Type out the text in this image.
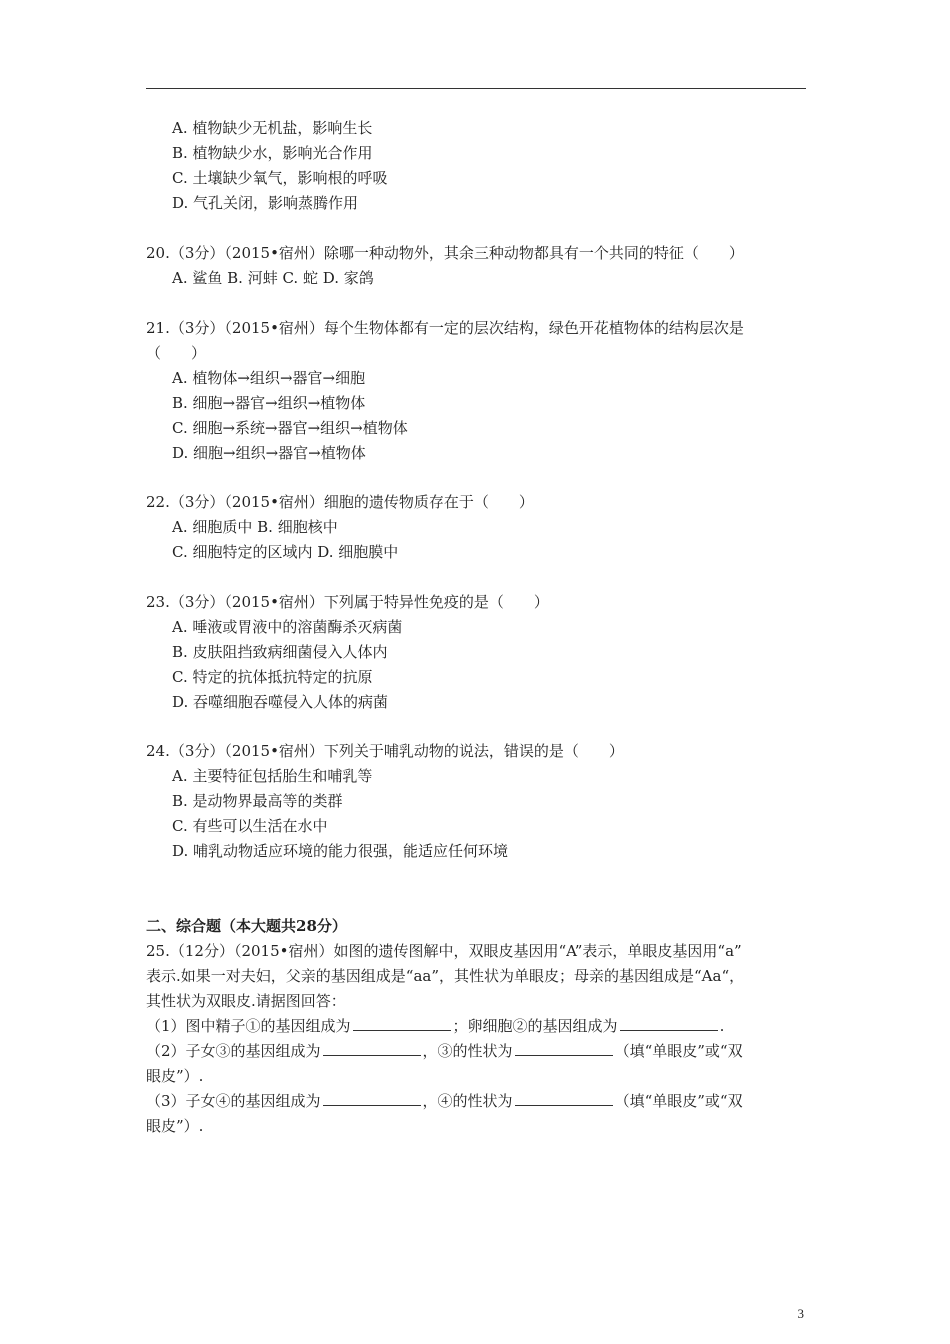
A. 植物缺少无机盐，影响生长
B. 植物缺少水，影响光合作用
C. 土壤缺少氧气，影响根的呼吸
D. 气孔关闭，影响蒸腾作用
20.（3分）（2015•宿州）除哪一种动物外，其余三种动物都具有一个共同的特征（　　）
A. 鲨鱼 B. 河蚌 C. 蛇 D. 家鸽
21.（3分）（2015•宿州）每个生物体都有一定的层次结构，绿色开花植物体的结构层次是
（　　）
A. 植物体→组织→器官→细胞
B. 细胞→器官→组织→植物体
C. 细胞→系统→器官→组织→植物体
D. 细胞→组织→器官→植物体
22.（3分）（2015•宿州）细胞的遗传物质存在于（　　）
A. 细胞质中 B. 细胞核中
C. 细胞特定的区域内 D. 细胞膜中
23.（3分）（2015•宿州）下列属于特异性免疫的是（　　）
A. 唾液或胃液中的溶菌酶杀灭病菌
B. 皮肤阻挡致病细菌侵入人体内
C. 特定的抗体抵抗特定的抗原
D. 吞噬细胞吞噬侵入人体的病菌
24.（3分）（2015•宿州）下列关于哺乳动物的说法，错误的是（　　）
A. 主要特征包括胎生和哺乳等
B. 是动物界最高等的类群
C. 有些可以生活在水中
D. 哺乳动物适应环境的能力很强，能适应任何环境
二、综合题（本大题共28分）
25.（12分）（2015•宿州）如图的遗传图解中，双眼皮基因用“A”表示，单眼皮基因用“a”
表示.如果一对夫妇，父亲的基因组成是“aa”，其性状为单眼皮；母亲的基因组成是“Aa“，
其性状为双眼皮.请据图回答：
（1）图中精子①的基因组成为	；卵细胞②的基因组成为	.
（2）子女③的基因组成为	，③的性状为	（填“单眼皮”或“双
眼皮”）.
（3）子女④的基因组成为	，④的性状为	（填“单眼皮”或“双
眼皮”）.
3
